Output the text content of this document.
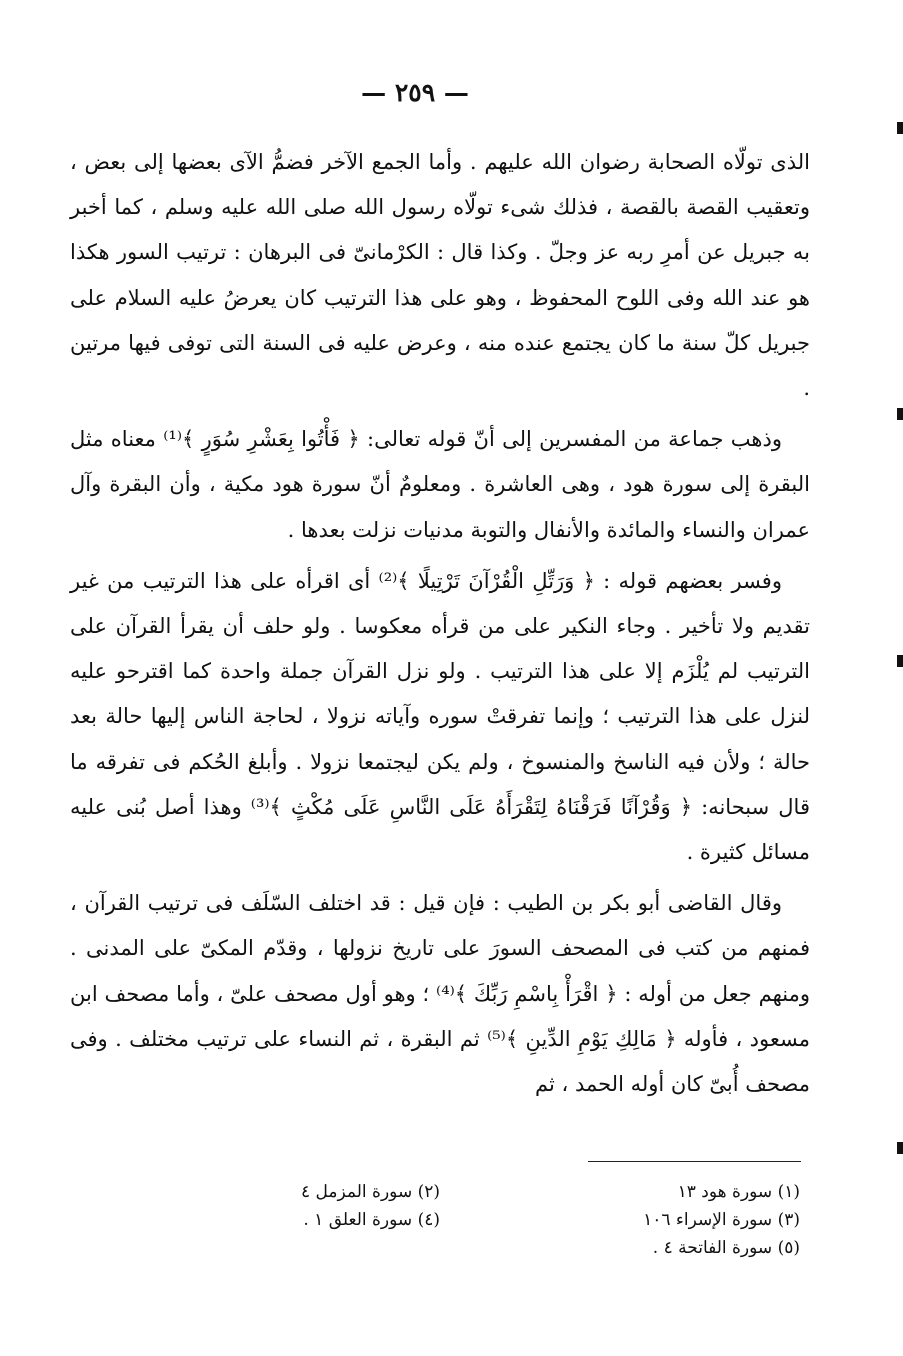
— ٢٥٩ —

الذى تولّاه الصحابة رضوان الله عليهم . وأما الجمع الآخر فضمُّ الآى بعضها إلى بعض ، وتعقيب القصة بالقصة ، فذلك شىء تولّاه رسول الله صلى الله عليه وسلم ، كما أخبر به جبريل عن أمرِ ربه عز وجلّ . وكذا قال : الكرْمانىّ فى البرهان : ترتيب السور هكذا هو عند الله وفى اللوح المحفوظ ، وهو على هذا الترتيب كان يعرضُ عليه السلام على جبريل كلّ سنة ما كان يجتمع عنده منه ، وعرض عليه فى السنة التى توفى فيها مرتين .

وذهب جماعة من المفسرين إلى أنّ قوله تعالى: ﴿ فَأْتُوا بِعَشْرِ سُوَرٍ ﴾⁽¹⁾ معناه مثل البقرة إلى سورة هود ، وهى العاشرة . ومعلومٌ أنّ سورة هود مكية ، وأن البقرة وآل عمران والنساء والمائدة والأنفال والتوبة مدنيات نزلت بعدها .

وفسر بعضهم قوله : ﴿ وَرَتِّلِ الْقُرْآنَ تَرْتِيلًا ﴾⁽²⁾ أى اقرأه على هذا الترتيب من غير تقديم ولا تأخير . وجاء النكير على من قرأه معكوسا . ولو حلف أن يقرأ القرآن على الترتيب لم يُلْزَم إلا على هذا الترتيب . ولو نزل القرآن جملة واحدة كما اقترحو عليه لنزل على هذا الترتيب ؛ وإنما تفرقتْ سوره وآياته نزولا ، لحاجة الناس إليها حالة بعد حالة ؛ ولأن فيه الناسخ والمنسوخ ، ولم يكن ليجتمعا نزولا . وأبلغ الحُكم فى تفرقه ما قال سبحانه: ﴿ وَقُرْآنًا فَرَقْنَاهُ لِتَقْرَأَهُ عَلَى النَّاسِ عَلَى مُكْثٍ ﴾⁽³⁾ وهذا أصل بُنى عليه مسائل كثيرة .

وقال القاضى أبو بكر بن الطيب : فإن قيل : قد اختلف السّلَف فى ترتيب القرآن ، فمنهم من كتب فى المصحف السورَ على تاريخ نزولها ، وقدّم المكىّ على المدنى . ومنهم جعل من أوله : ﴿ اقْرَأْ بِاسْمِ رَبِّكَ ﴾⁽⁴⁾ ؛ وهو أول مصحف علىّ ، وأما مصحف ابن مسعود ، فأوله ﴿ مَالِكِ يَوْمِ الدِّينِ ﴾⁽⁵⁾ ثم البقرة ، ثم النساء على ترتيب مختلف . وفى مصحف أُبىّ كان أوله الحمد ، ثم

(١) سورة هود ١٣
(٢) سورة المزمل ٤
(٣) سورة الإسراء ١٠٦
(٤) سورة العلق ١ .
(٥) سورة الفاتحة ٤ .
